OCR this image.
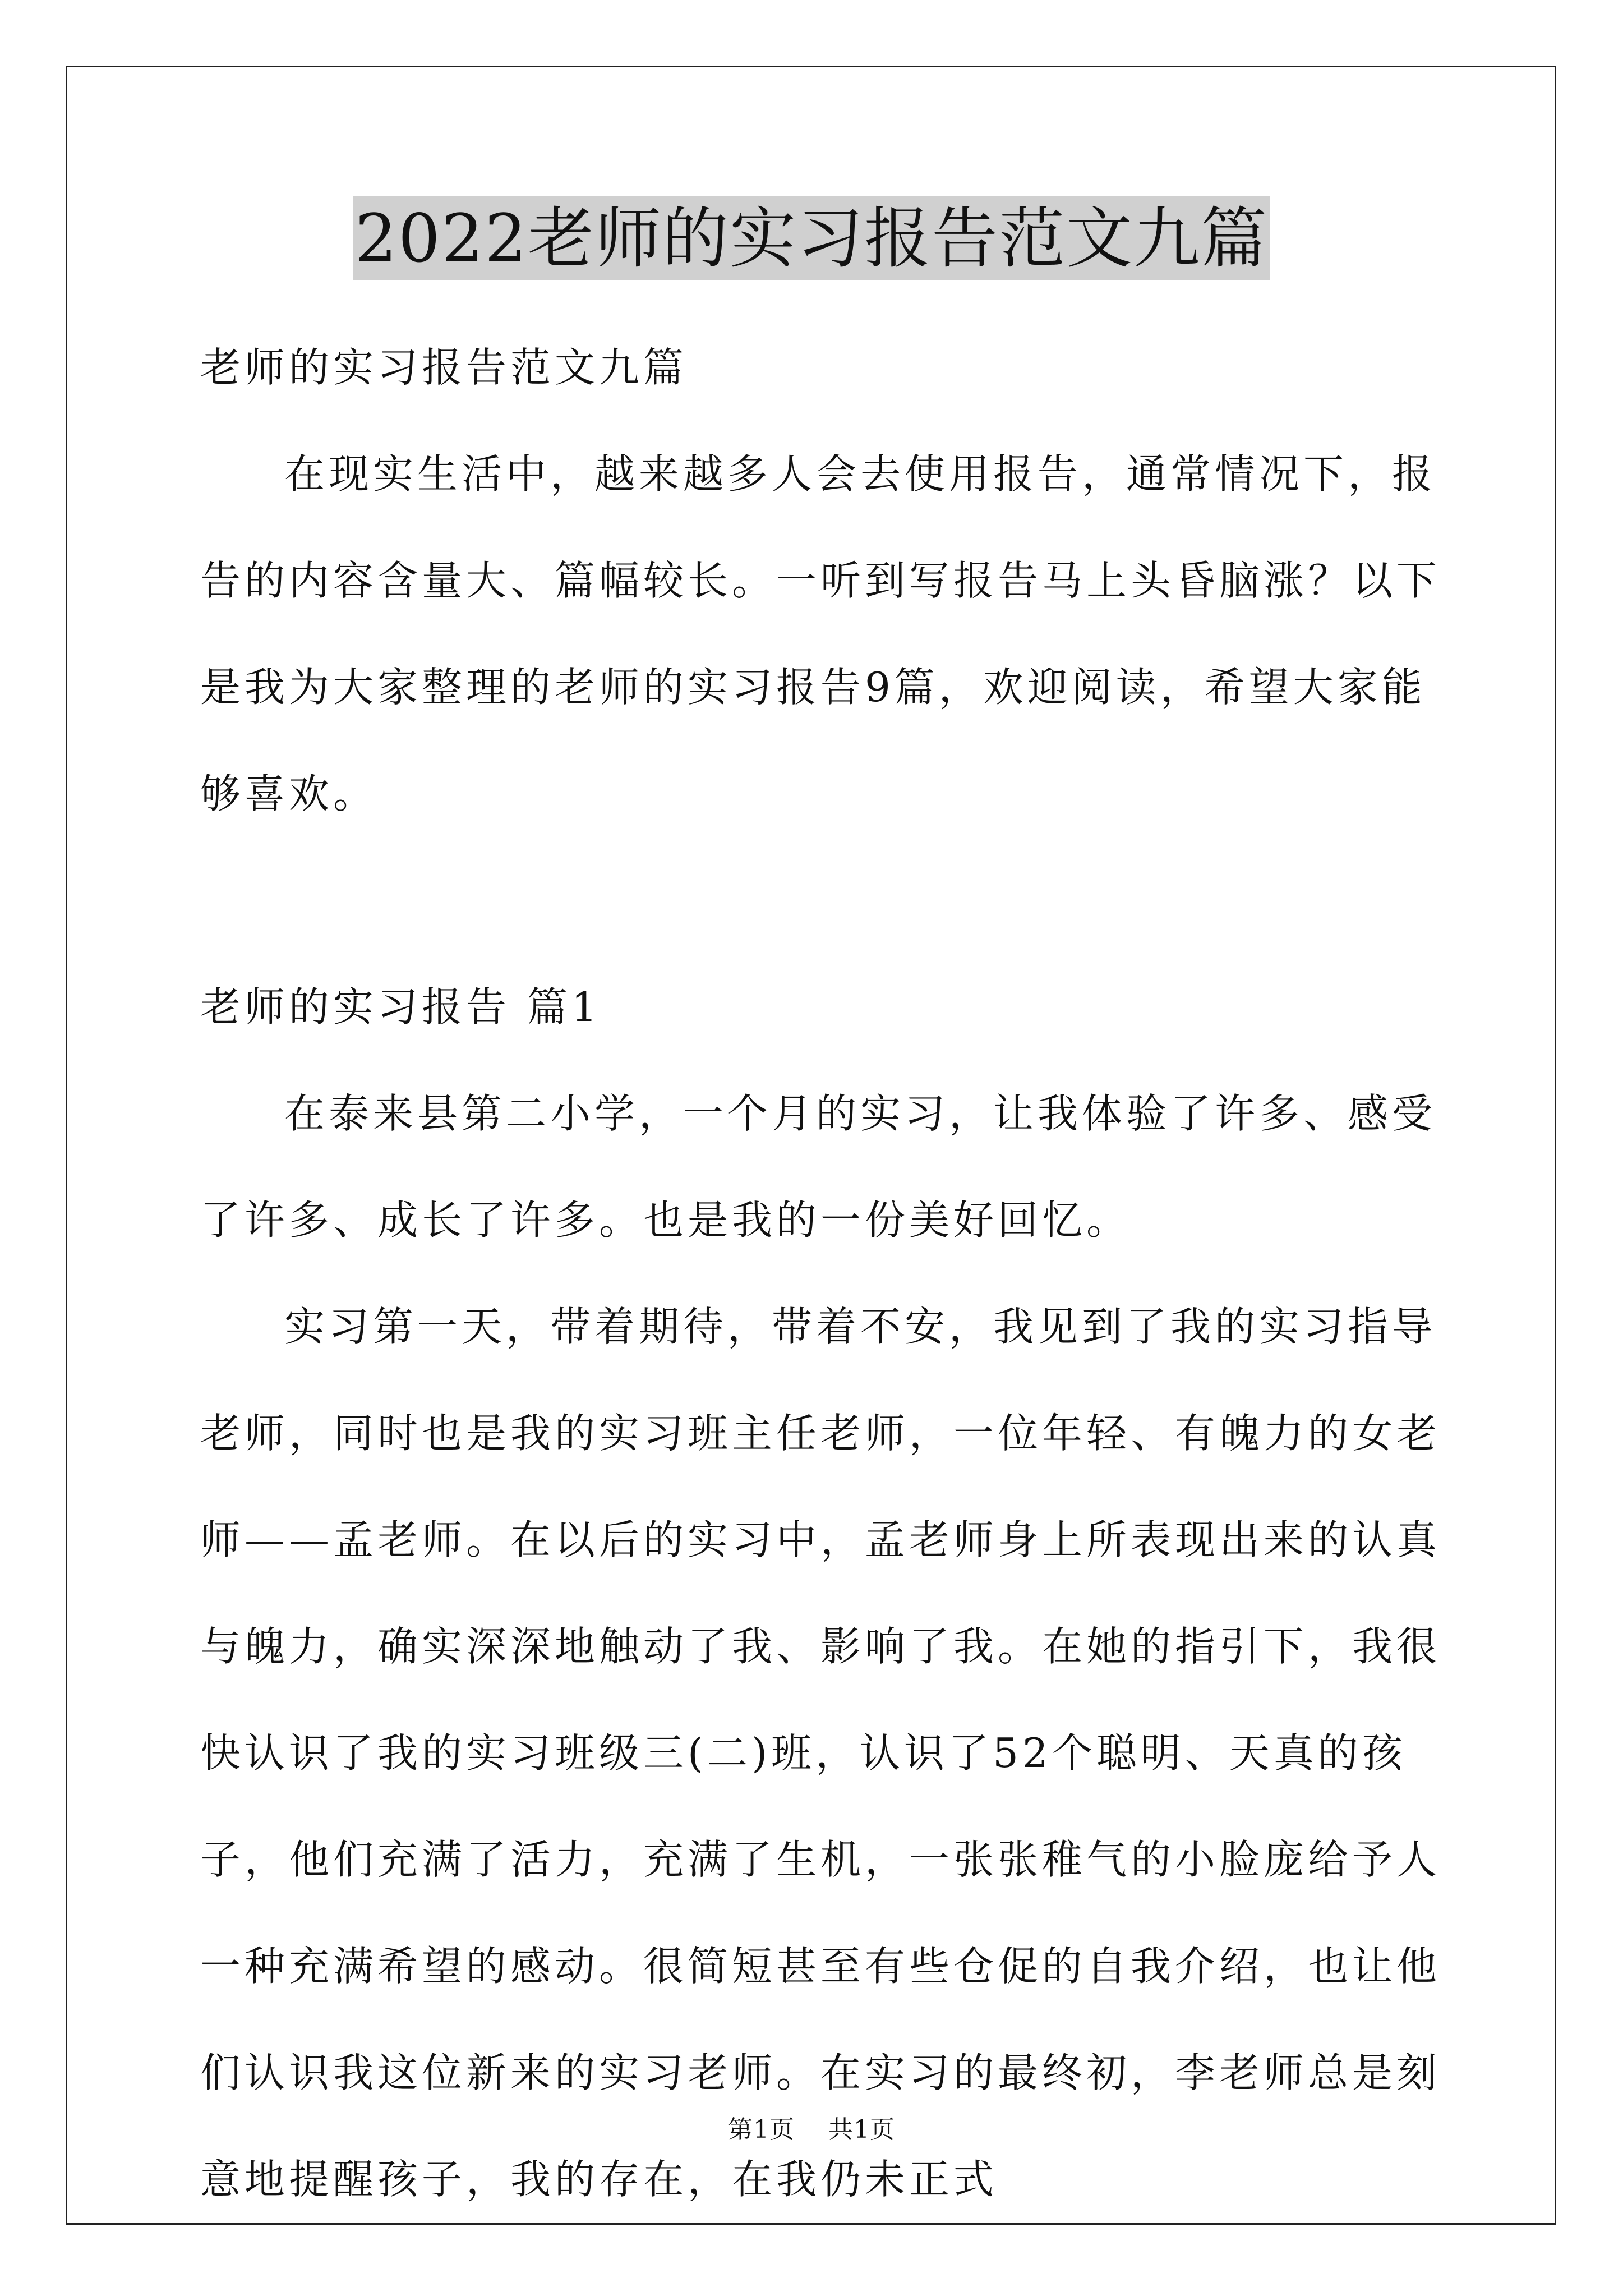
2022老师的实习报告范文九篇

老师的实习报告范文九篇

在现实生活中，越来越多人会去使用报告，通常情况下，报告的内容含量大、篇幅较长。一听到写报告马上头昏脑涨？以下是我为大家整理的老师的实习报告9篇，欢迎阅读，希望大家能够喜欢。

老师的实习报告 篇1

在泰来县第二小学，一个月的实习，让我体验了许多、感受了许多、成长了许多。也是我的一份美好回忆。

实习第一天，带着期待，带着不安，我见到了我的实习指导老师，同时也是我的实习班主任老师，一位年轻、有魄力的女老师——孟老师。在以后的实习中，孟老师身上所表现出来的认真与魄力，确实深深地触动了我、影响了我。在她的指引下，我很快认识了我的实习班级三(二)班，认识了52个聪明、天真的孩子，他们充满了活力，充满了生机，一张张稚气的小脸庞给予人一种充满希望的感动。很简短甚至有些仓促的自我介绍，也让他们认识我这位新来的实习老师。在实习的最终初，李老师总是刻意地提醒孩子，我的存在，在我仍未正式

第1页 共1页
